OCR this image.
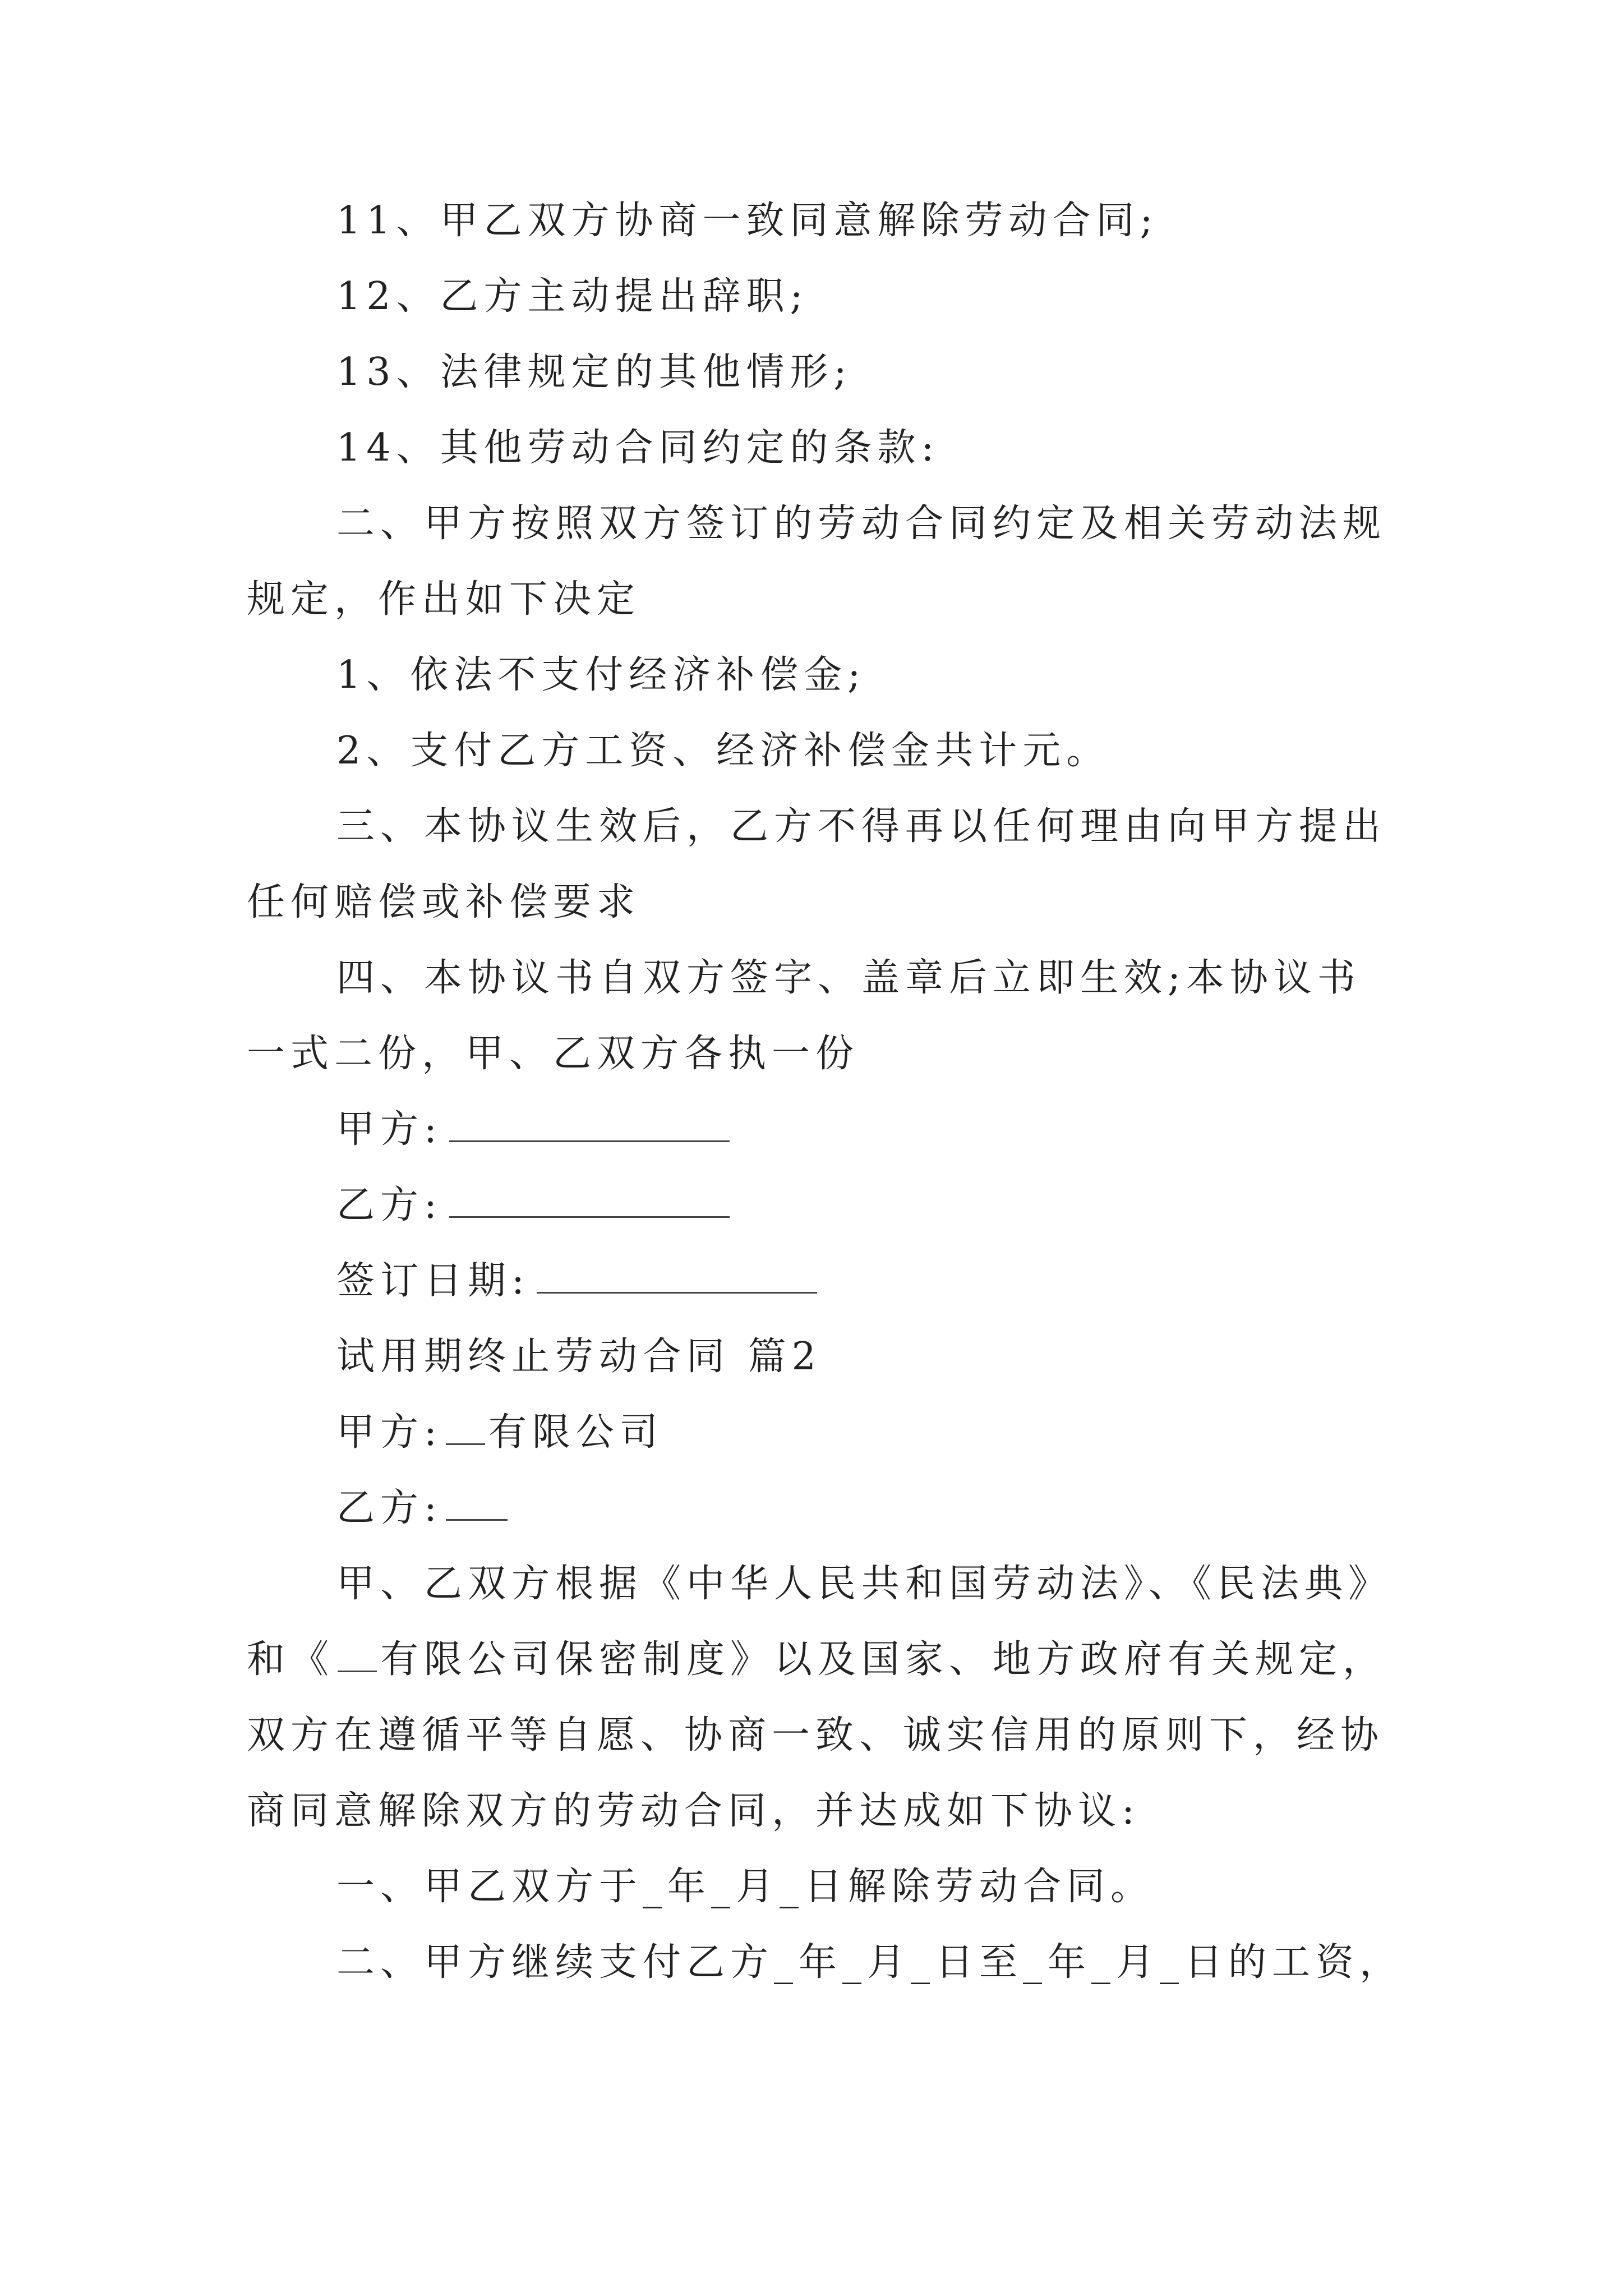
11、甲乙双方协商一致同意解除劳动合同;
12、乙方主动提出辞职;
13、法律规定的其他情形;
14、其他劳动合同约定的条款:
二、甲方按照双方签订的劳动合同约定及相关劳动法规
规定，作出如下决定
1、依法不支付经济补偿金;
2、支付乙方工资、经济补偿金共计元。
三、本协议生效后，乙方不得再以任何理由向甲方提出
任何赔偿或补偿要求
四、本协议书自双方签字、盖章后立即生效;本协议书
一式二份，甲、乙双方各执一份
甲方:
乙方:
签订日期:
试用期终止劳动合同 篇2
甲方: 有限公司
乙方:
甲、乙双方根据《中华人民共和国劳动法》、《民法典》
和《 有限公司保密制度》以及国家、地方政府有关规定，
双方在遵循平等自愿、协商一致、诚实信用的原则下，经协
商同意解除双方的劳动合同，并达成如下协议:
一、甲乙双方于_年_月_日解除劳动合同。
二、甲方继续支付乙方_年_月_日至_年_月_日的工资，
